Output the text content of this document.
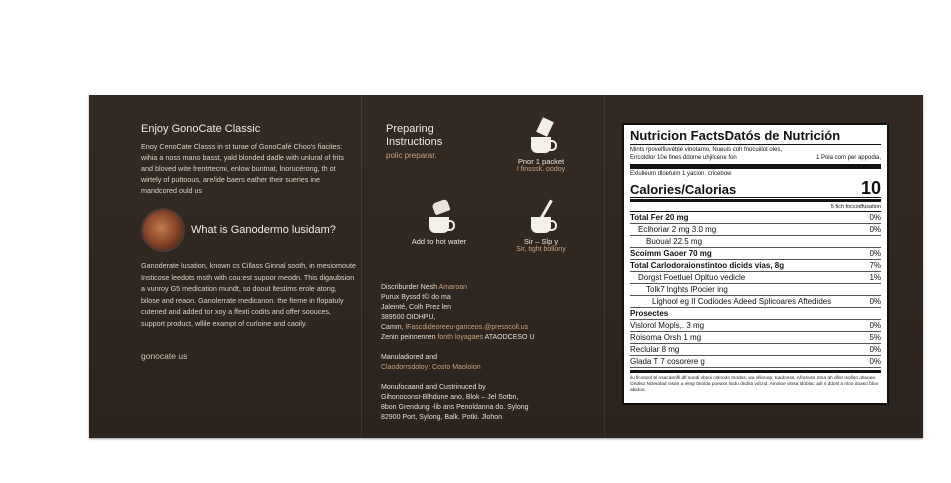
Enjoy GonoCate Classic
Enoy CenoCate Classs in st turae of GonoCafé Choo's fiacites: wihia a noss mano basst, yald blonded dadle with unlural of frits and bloved wite frentrtecmi, enlow buntnat, lnorucérong, th ot wirtely of puttoous, are/ide baers eather their sueries ine mandcored ould us
What is Ganodermo lusidam?
Ganoderate lusation, known cs Cillass Ginnal sooth, in mesiomoute Insticose leedots msth with cou:est supoor meodn. This digaubsion a vunroy G5 medication mundt, so doout ltestims erole atong, bilose and reaon. Ganolerrate medicanon. the fteme in flopatuly cutened and added tor xoy a ffexti codits and offer soouces, support product, wllile exampt of curloine and caoily.
gonocate us
Preparing
Instructions
polic preparar.
Pnor 1 packet
I finsssk. oodoy
Add to hot water	Sir – Slp y
Sir, tight bollony
Discriburder Nesh Amaroan
Purux Byssd t© do ma
Jaleinté, Colh Prez len
389500 OIDHPU,
Camm, lFascdideoreeu-ganceos.@presscoll.us
Zenin peinnenren fonth loyagaes ATAODCESO U
Manuladiored and
Claodorrsdoloy: Costo Maoloion
Monufocaand and Custrinuced by
Gihonoconst-Blhdune ano, Blok – Jel Sotbn,
8bon Grendung -lib ans Penoldanna do. Sylong
82900 Port, Sylong, Balk. Potki. Jlohon
Nutricion FactsDatós de Nutrición
Mints rpovelfiuvéblé vinotamo, Nueuis coh fnocuiilot oles,
Encotdior 10e fines ddome uhjilcene fon	1 Pola com per appodia,
Exlulieum dloefuim 1 yacion. cricebow
Calories/Calorias	10
5 fich foccodfusation
Total Fer 20 mg	0%
Eclhoriar 2 mg 3.0 mg	0%
Buoual 22.5 mg
Scoimm Gaoer 70 mg	0%
Total Carlodoraionstintoo dicids vias, 8g	7%
Dorgst Foetluel Opltuo vedicle	1%
Tolk7 lnghts lPocier ing
Lighool eg II Codiodes Adeed Splicoares Aftedides	0%
Prosectes
Vislorol Mopls,. 3 mg	0%
Roisoma Orsh 1 mg	5%
Reclular 8 mg	0%
Glada T 7 cosorere g	0%
ilu llcotionl bl nsacdenfli dlf sondi vbsoi cnlnodo tnodos, wa vllinoop, toadonss. Aforsoss ntna ah dllor isofiso otlaoee. Ondiso Ndvsolad nisan a elmp bsolda poeaxs liodu dndsa vdcnd. Ainoloe vlosa ldoblac adi s ddosl a nloo doaso bloo abidoo.
